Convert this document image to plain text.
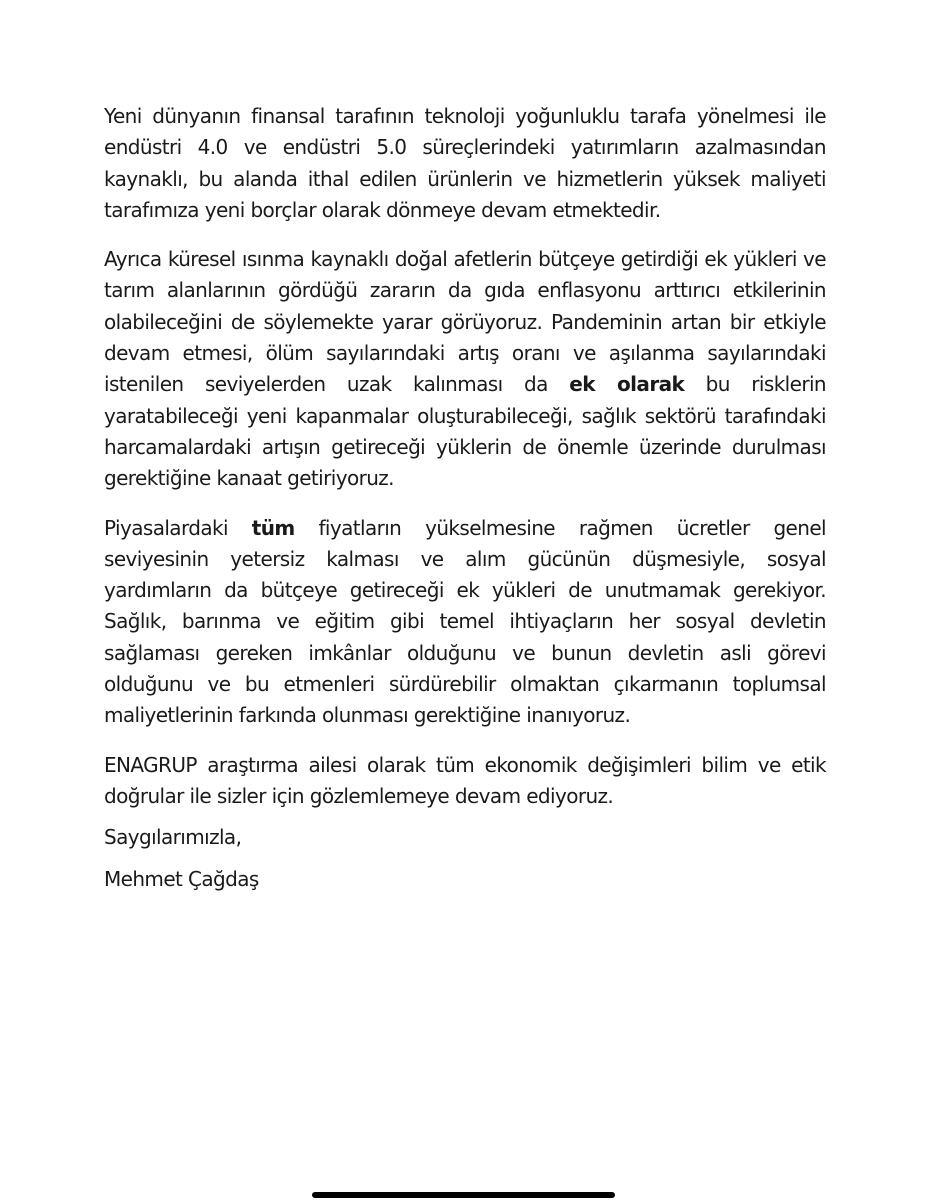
Yeni dünyanın finansal tarafının teknoloji yoğunluklu tarafa yönelmesi ile endüstri 4.0 ve endüstri 5.0 süreçlerindeki yatırımların azalmasından kaynaklı, bu alanda ithal edilen ürünlerin ve hizmetlerin yüksek maliyeti tarafımıza yeni borçlar olarak dönmeye devam etmektedir.

Ayrıca küresel ısınma kaynaklı doğal afetlerin bütçeye getirdiği ek yükleri ve tarım alanlarının gördüğü zararın da gıda enflasyonu arttırıcı etkilerinin olabileceğini de söylemekte yarar görüyoruz. Pandeminin artan bir etkiyle devam etmesi, ölüm sayılarındaki artış oranı ve aşılanma sayılarındaki istenilen seviyelerden uzak kalınması da ek olarak bu risklerin yaratabileceği yeni kapanmalar oluşturabileceği, sağlık sektörü tarafındaki harcamalardaki artışın getireceği yüklerin de önemle üzerinde durulması gerektiğine kanaat getiriyoruz.

Piyasalardaki tüm fiyatların yükselmesine rağmen ücretler genel seviyesinin yetersiz kalması ve alım gücünün düşmesiyle, sosyal yardımların da bütçeye getireceği ek yükleri de unutmamak gerekiyor. Sağlık, barınma ve eğitim gibi temel ihtiyaçların her sosyal devletin sağlaması gereken imkânlar olduğunu ve bunun devletin asli görevi olduğunu ve bu etmenleri sürdürebilir olmaktan çıkarmanın toplumsal maliyetlerinin farkında olunması gerektiğine inanıyoruz.

ENAGRUP araştırma ailesi olarak tüm ekonomik değişimleri bilim ve etik doğrular ile sizler için gözlemlemeye devam ediyoruz.

Saygılarımızla,

Mehmet Çağdaş
